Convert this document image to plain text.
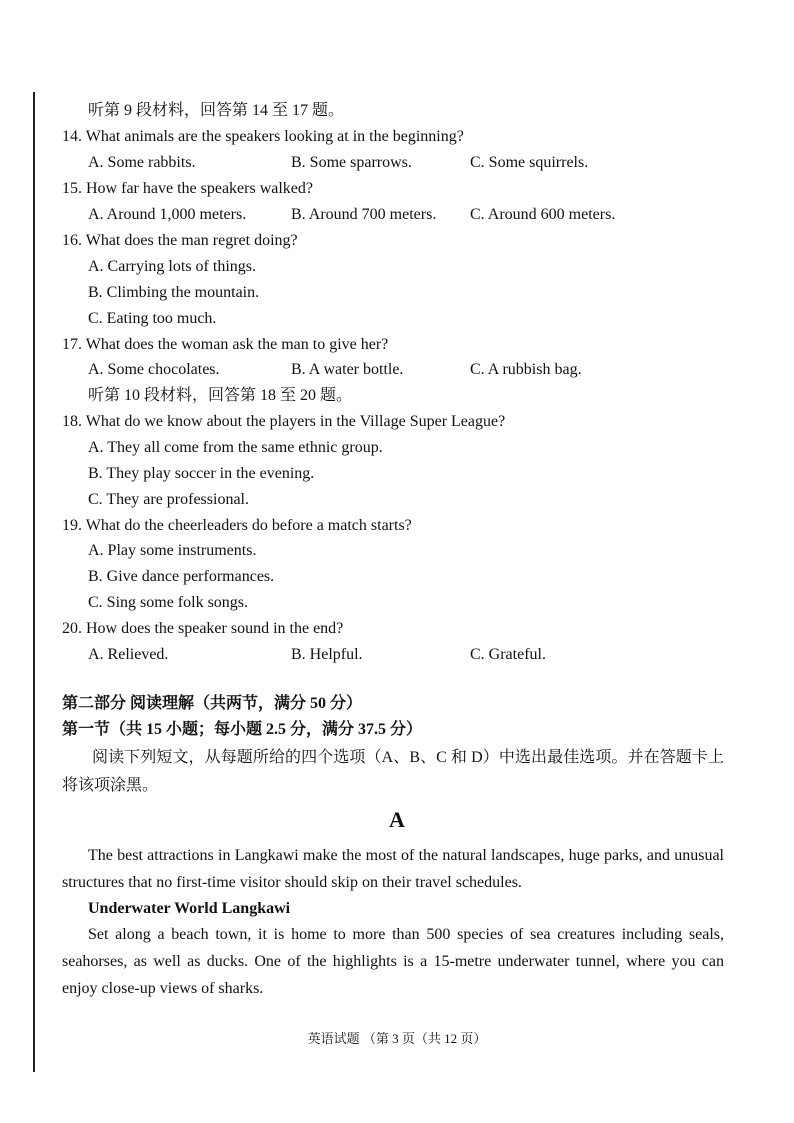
听第 9 段材料，回答第 14 至 17 题。
14. What animals are the speakers looking at in the beginning?
A. Some rabbits.	B. Some sparrows.	C. Some squirrels.
15. How far have the speakers walked?
A. Around 1,000 meters.	B. Around 700 meters. C. Around 600 meters.
16. What does the man regret doing?
A. Carrying lots of things.
B. Climbing the mountain.
C. Eating too much.
17. What does the woman ask the man to give her?
A. Some chocolates.	B. A water bottle.	C. A rubbish bag.
听第 10 段材料，回答第 18 至 20 题。
18. What do we know about the players in the Village Super League?
A. They all come from the same ethnic group.
B. They play soccer in the evening.
C. They are professional.
19. What do the cheerleaders do before a match starts?
A. Play some instruments.
B. Give dance performances.
C. Sing some folk songs.
20. How does the speaker sound in the end?
A. Relieved.	B. Helpful.	C. Grateful.
第二部分 阅读理解（共两节，满分 50 分）
第一节（共 15 小题；每小题 2.5 分，满分 37.5 分）
阅读下列短文，从每题所给的四个选项（A、B、C 和 D）中选出最佳选项。并在答题卡上将该项涂黑。
A
The best attractions in Langkawi make the most of the natural landscapes, huge parks, and unusual structures that no first-time visitor should skip on their travel schedules.
Underwater World Langkawi
Set along a beach town, it is home to more than 500 species of sea creatures including seals, seahorses, as well as ducks. One of the highlights is a 15-metre underwater tunnel, where you can enjoy close-up views of sharks.
英语试题 （第 3 页（共 12 页）
